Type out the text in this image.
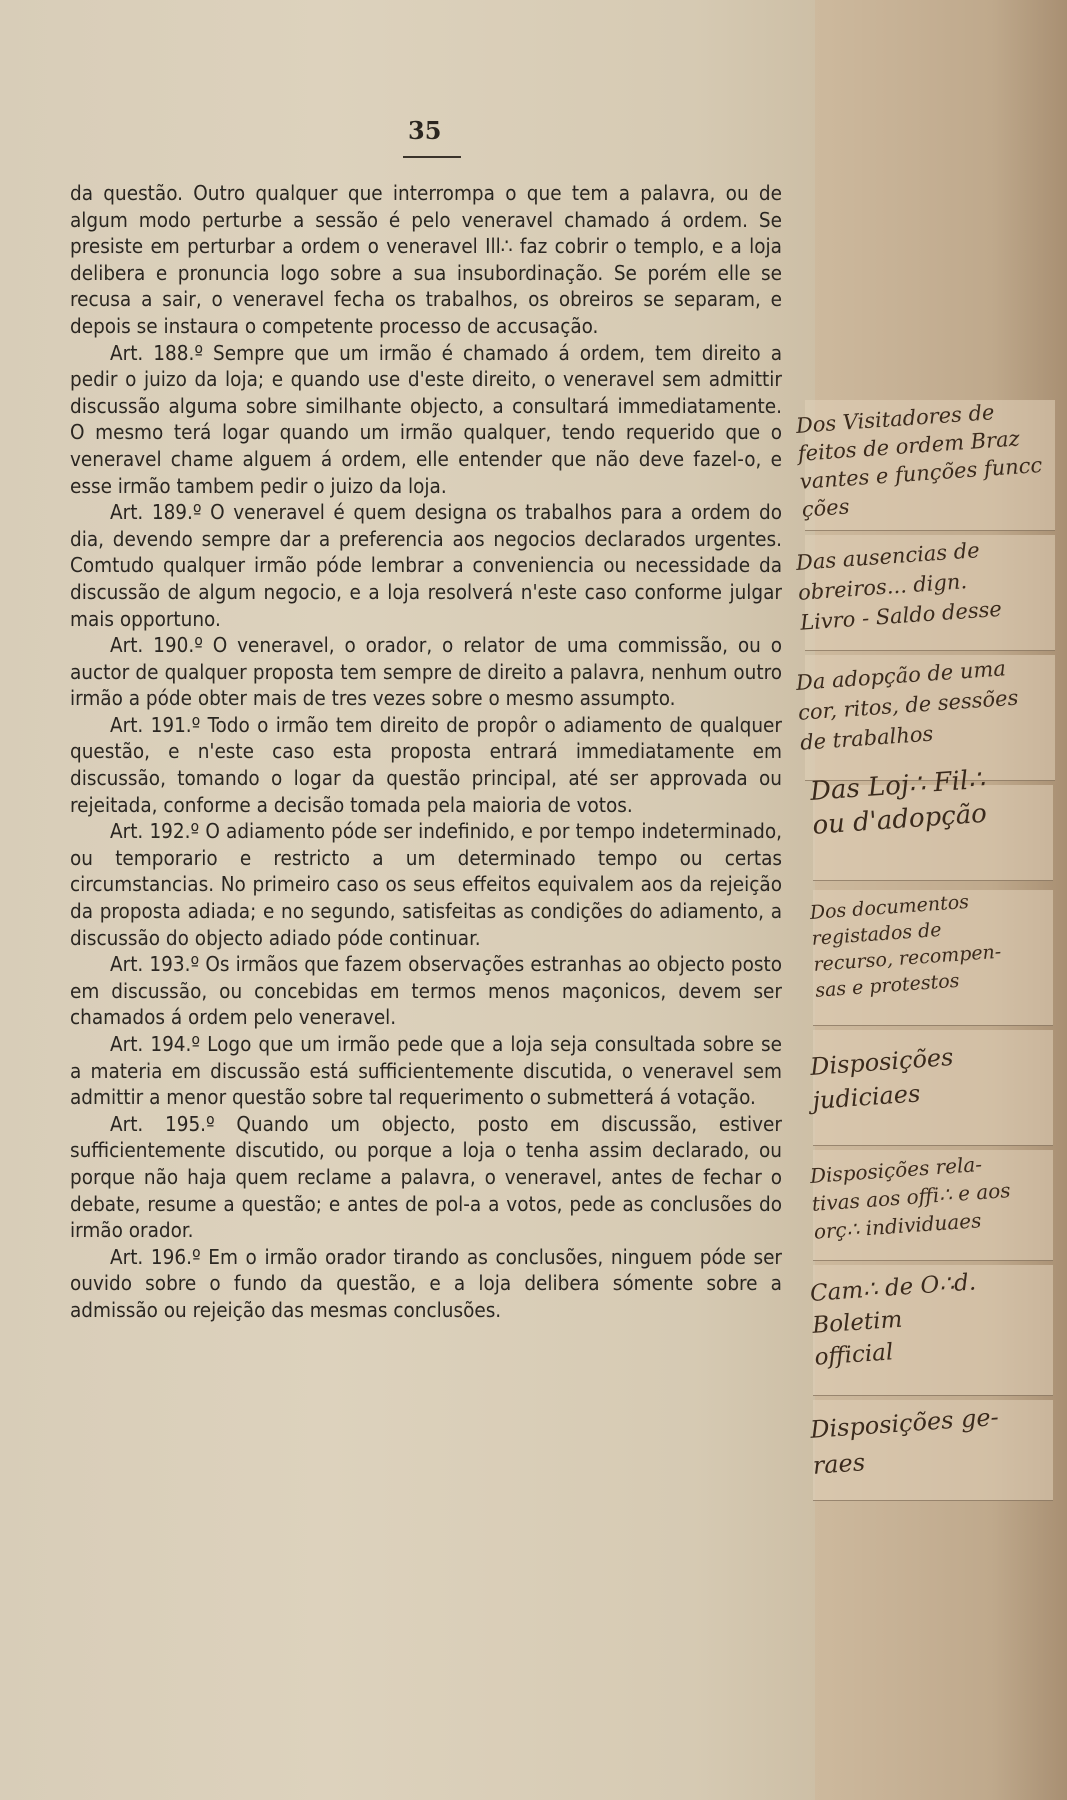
35

da questão. Outro qualquer que interrompa o que tem a palavra, ou de algum modo perturbe a sessão é pelo veneravel chamado á ordem. Se presiste em perturbar a ordem o veneravel Ill∴ faz cobrir o templo, e a loja delibera e pronuncia logo sobre a sua insubordinação. Se porém elle se recusa a sair, o veneravel fecha os trabalhos, os obreiros se separam, e depois se instaura o competente processo de accusação.

Art. 188.º Sempre que um irmão é chamado á ordem, tem direito a pedir o juizo da loja; e quando use d'este direito, o veneravel sem admittir discussão alguma sobre similhante objecto, a consultará immediatamente. O mesmo terá logar quando um irmão qualquer, tendo requerido que o veneravel chame alguem á ordem, elle entender que não deve fazel-o, e esse irmão tambem pedir o juizo da loja.

Art. 189.º O veneravel é quem designa os trabalhos para a ordem do dia, devendo sempre dar a preferencia aos negocios declarados urgentes. Comtudo qualquer irmão póde lembrar a conveniencia ou necessidade da discussão de algum negocio, e a loja resolverá n'este caso conforme julgar mais opportuno.

Art. 190.º O veneravel, o orador, o relator de uma commissão, ou o auctor de qualquer proposta tem sempre de direito a palavra, nenhum outro irmão a póde obter mais de tres vezes sobre o mesmo assumpto.

Art. 191.º Todo o irmão tem direito de propôr o adiamento de qualquer questão, e n'este caso esta proposta entrará immediatamente em discussão, tomando o logar da questão principal, até ser approvada ou rejeitada, conforme a decisão tomada pela maioria de votos.

Art. 192.º O adiamento póde ser indefinido, e por tempo indeterminado, ou temporario e restricto a um determinado tempo ou certas circumstancias. No primeiro caso os seus effeitos equivalem aos da rejeição da proposta adiada; e no segundo, satisfeitas as condições do adiamento, a discussão do objecto adiado póde continuar.

Art. 193.º Os irmãos que fazem observações estranhas ao objecto posto em discussão, ou concebidas em termos menos maçonicos, devem ser chamados á ordem pelo veneravel.

Art. 194.º Logo que um irmão pede que a loja seja consultada sobre se a materia em discussão está sufficientemente discutida, o veneravel sem admittir a menor questão sobre tal requerimento o submetterá á votação.

Art. 195.º Quando um objecto, posto em discussão, estiver sufficientemente discutido, ou porque a loja o tenha assim declarado, ou porque não haja quem reclame a palavra, o veneravel, antes de fechar o debate, resume a questão; e antes de pol-a a votos, pede as conclusões do irmão orador.

Art. 196.º Em o irmão orador tirando as conclusões, ninguem póde ser ouvido sobre o fundo da questão, e a loja delibera sómente sobre a admissão ou rejeição das mesmas conclusões.

Dos Visitadores de
feitos de ordem Braz
vantes e funções funcc
ções
Das ausencias de
obreiros... dign.
Livro - Saldo desse
Da adopção de uma
cor, ritos, de sessões
de trabalhos
Das Loj∴ Fil∴
ou d'adopção
Dos documentos
registados de
recurso, recompen-
sas e protestos
Disposições
judiciaes
Disposições rela-
tivas aos offi∴ e aos
orç∴ individuaes
Cam∴ de O∴d.
Boletim
official
Disposições ge-
raes
